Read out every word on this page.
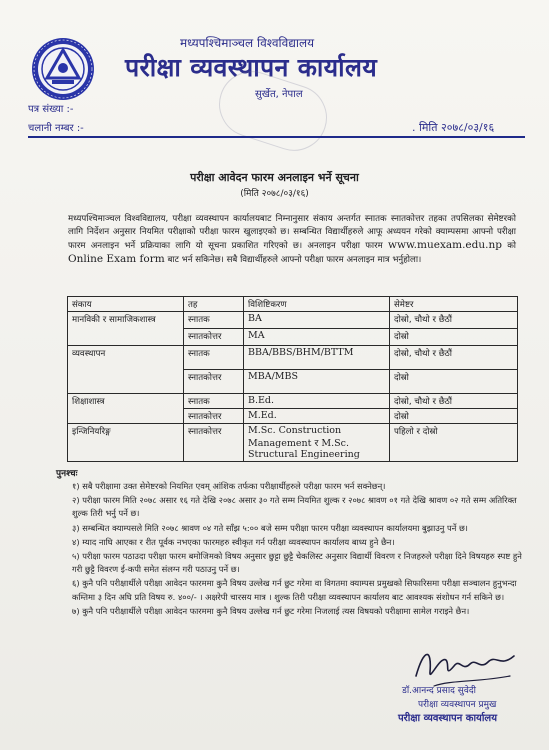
मध्यपश्चिमाञ्चल विश्वविद्यालय
परीक्षा व्यवस्थापन कार्यालय
सुर्खेत, नेपाल
पत्र संख्या :-
चलानी नम्बर :-	. मिति २०७८/०३/१६
परीक्षा आवेदन फारम अनलाइन भर्ने सूचना
(मिति २०७८/०३/१६)

मध्यपश्चिमाञ्चल विश्वविद्यालय, परीक्षा व्यवस्थापन कार्यालयबाट निम्नानुसार संकाय अन्तर्गत स्नातक स्नातकोत्तर तहका तपसिलका सेमेष्टरको लागि निर्देशन अनुसार नियमित परीक्षाको परीक्षा फारम खुलाइएको छ। सम्बन्धित विद्यार्थीहरुले आफू अध्ययन गरेको क्याम्पसमा आफ्नो परीक्षा फारम अनलाइन भर्ने प्रक्रियाका लागि यो सूचना प्रकाशित गरिएको छ। अनलाइन परीक्षा फारम www.muexam.edu.np को Online Exam form बाट भर्न सकिनेछ। सबै विद्यार्थीहरुले आफ्नो परीक्षा फारम अनलाइन मात्र भर्नुहोला।

संकाय	तह	विशिष्टिकरण	सेमेष्टर
मानविकी र सामाजिकशास्त्र	स्नातक	BA	दोस्रो, चौथो र छैठौं
	स्नातकोत्तर	MA	दोस्रो
व्यवस्थापन	स्नातक	BBA/BBS/BHM/BTTM	दोस्रो, चौथो र छैठौं
	स्नातकोत्तर	MBA/MBS	दोस्रो
शिक्षाशास्त्र	स्नातक	B.Ed.	दोस्रो, चौथो र छैठौं
	स्नातकोत्तर	M.Ed.	दोस्रो
इन्जिनियरिङ्ग	स्नातकोत्तर	M.Sc. Construction Management र M.Sc. Structural Engineering	पहिलो र दोस्रो
पुनश्चः
१) सबै परीक्षामा उक्त सेमेष्टरको नियमित एवम् आंशिक तर्फका परीक्षार्थीहरुले परीक्षा फारम भर्न सक्नेछन्।
२) परीक्षा फारम मिति २०७८ असार १६ गते देखि २०७८ असार ३० गते सम्म नियमित शुल्क र २०७८ श्रावण ०१ गते देखि श्रावण ०२ गते सम्म अतिरिक्त शुल्क तिरी भर्नु पर्ने छ।
३) सम्बन्धित क्याम्पसले मिति २०७८ श्रावण ०४ गते साँझ ५:०० बजे सम्म परीक्षा फारम परीक्षा व्यवस्थापन कार्यालयमा बुझाउनु पर्ने छ।
४) म्याद नाघि आएका र रीत पूर्वक नभएका फारमहरु स्वीकृत गर्न परीक्षा व्यवस्थापन कार्यालय बाध्य हुने छैन।
५) परीक्षा फारम पठाउदा परीक्षा फारम बमोजिमको विषय अनुसार छुट्टा छुट्टै चेकलिस्ट अनुसार विद्यार्थी विवरण र निजहरुले परीक्षा दिने विषयहरु स्पष्ट हुने गरी छुट्टै विवरण ई-कपी समेत संलग्न गरी पठाउनु पर्ने छ।
६) कुनै पनि परीक्षार्थीले परीक्षा आवेदन फारममा कुनै विषय उल्लेख गर्न छुट गरेमा वा विगतमा क्याम्पस प्रमुखको सिफारिसमा परीक्षा सञ्चालन हुनुभन्दा कम्तिमा ३ दिन अघि प्रति विषय रु. ४००/- । अक्षरेपी चारसय मात्र । शुल्क तिरी परीक्षा व्यवस्थापन कार्यालय बाट आवश्यक संशोधन गर्न सकिने छ।
७) कुनै पनि परीक्षार्थीले परीक्षा आवेदन फारममा कुनै विषय उल्लेख गर्न छुट गरेमा निजलाई त्यस विषयको परीक्षामा सामेल गराइने छैन।
डॉ.आनन्द प्रसाद सुवेदी
परीक्षा व्यवस्थापन प्रमुख
परीक्षा व्यवस्थापन कार्यालय
